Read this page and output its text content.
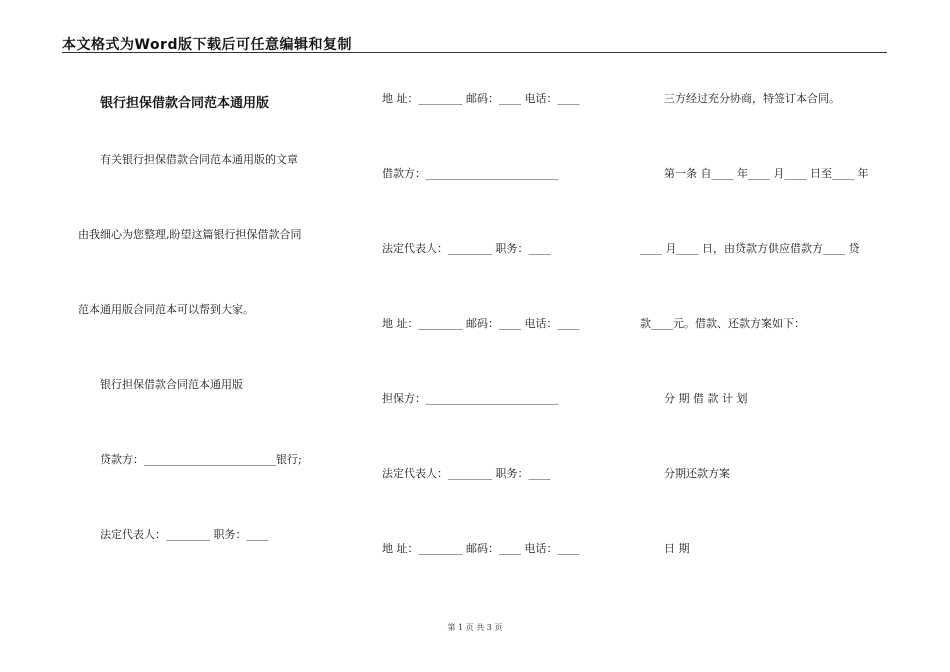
本文格式为Word版下载后可任意编辑和复制
银行担保借款合同范本通用版
有关银行担保借款合同范本通用版的文章
由我细心为您整理,盼望这篇银行担保借款合同
范本通用版合同范本可以帮到大家。
银行担保借款合同范本通用版
贷款方：________________________银行;
法定代表人：________ 职务：____
地 址：________ 邮码：____ 电话：____
借款方：________________________
法定代表人：________ 职务：____
地 址：________ 邮码：____ 电话：____
担保方：________________________
法定代表人：________ 职务：____
地 址：________ 邮码：____ 电话：____
三方经过充分协商，特签订本合同。
第一条 自____ 年____ 月____ 日至____ 年
____ 月____ 日，由贷款方供应借款方____ 贷
款____元。借款、还款方案如下：
分 期 借 款 计 划
分期还款方案
日 期
第 1 页 共 3 页
